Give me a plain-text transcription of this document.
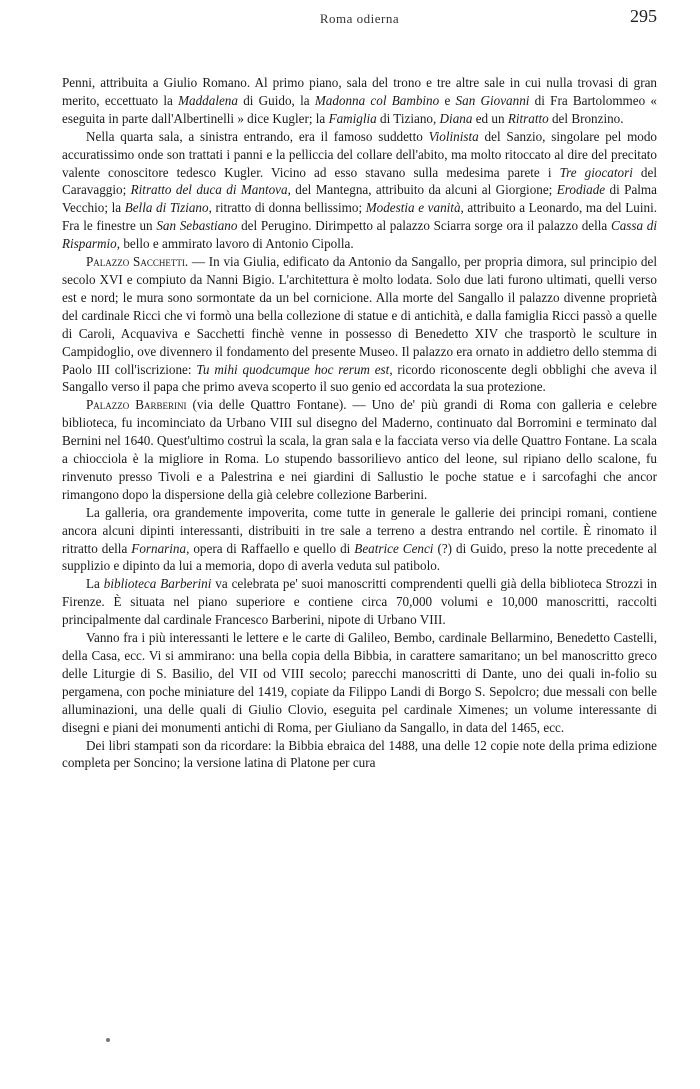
Roma odierna	295

Penni, attribuita a Giulio Romano. Al primo piano, sala del trono e tre altre sale in cui nulla trovasi di gran merito, eccettuato la Maddalena di Guido, la Madonna col Bambino e San Giovanni di Fra Bartolommeo « eseguita in parte dall'Albertinelli » dice Kugler; la Famiglia di Tiziano, Diana ed un Ritratto del Bronzino.

Nella quarta sala, a sinistra entrando, era il famoso suddetto Violinista del Sanzio, singolare pel modo accuratissimo onde son trattati i panni e la pelliccia del collare dell'abito, ma molto ritoccato al dire del precitato valente conoscitore tedesco Kugler. Vicino ad esso stavano sulla medesima parete i Tre giocatori del Caravaggio; Ritratto del duca di Mantova, del Mantegna, attribuito da alcuni al Giorgione; Erodiade di Palma Vecchio; la Bella di Tiziano, ritratto di donna bellissimo; Modestia e vanità, attribuito a Leonardo, ma del Luini. Fra le finestre un San Sebastiano del Perugino. Dirimpetto al palazzo Sciarra sorge ora il palazzo della Cassa di Risparmio, bello e ammirato lavoro di Antonio Cipolla.

Palazzo Sacchetti. — In via Giulia, edificato da Antonio da Sangallo, per propria dimora, sul principio del secolo XVI e compiuto da Nanni Bigio. L'architettura è molto lodata. Solo due lati furono ultimati, quelli verso est e nord; le mura sono sormontate da un bel cornicione. Alla morte del Sangallo il palazzo divenne proprietà del cardinale Ricci che vi formò una bella collezione di statue e di antichità, e dalla famiglia Ricci passò a quelle di Caroli, Acquaviva e Sacchetti finchè venne in possesso di Benedetto XIV che trasportò le sculture in Campidoglio, ove divennero il fondamento del presente Museo. Il palazzo era ornato in addietro dello stemma di Paolo III coll'iscrizione: Tu mihi quodcumque hoc rerum est, ricordo riconoscente degli obblighi che aveva il Sangallo verso il papa che primo aveva scoperto il suo genio ed accordata la sua protezione.

Palazzo Barberini (via delle Quattro Fontane). — Uno de' più grandi di Roma con galleria e celebre biblioteca, fu incominciato da Urbano VIII sul disegno del Maderno, continuato dal Borromini e terminato dal Bernini nel 1640. Quest'ultimo costruì la scala, la gran sala e la facciata verso via delle Quattro Fontane. La scala a chiocciola è la migliore in Roma. Lo stupendo bassorilievo antico del leone, sul ripiano dello scalone, fu rinvenuto presso Tivoli e a Palestrina e nei giardini di Sallustio le poche statue e i sarcofaghi che ancor rimangono dopo la dispersione della già celebre collezione Barberini.

La galleria, ora grandemente impoverita, come tutte in generale le gallerie dei principi romani, contiene ancora alcuni dipinti interessanti, distribuiti in tre sale a terreno a destra entrando nel cortile. È rinomato il ritratto della Fornarina, opera di Raffaello e quello di Beatrice Cenci (?) di Guido, preso la notte precedente al supplizio e dipinto da lui a memoria, dopo di averla veduta sul patibolo.

La biblioteca Barberini va celebrata pe' suoi manoscritti comprendenti quelli già della biblioteca Strozzi in Firenze. È situata nel piano superiore e contiene circa 70,000 volumi e 10,000 manoscritti, raccolti principalmente dal cardinale Francesco Barberini, nipote di Urbano VIII.

Vanno fra i più interessanti le lettere e le carte di Galileo, Bembo, cardinale Bellarmino, Benedetto Castelli, della Casa, ecc. Vi si ammirano: una bella copia della Bibbia, in carattere samaritano; un bel manoscritto greco delle Liturgie di S. Basilio, del VII od VIII secolo; parecchi manoscritti di Dante, uno dei quali in-folio su pergamena, con poche miniature del 1419, copiate da Filippo Landi di Borgo S. Sepolcro; due messali con belle alluminazioni, una delle quali di Giulio Clovio, eseguita pel cardinale Ximenes; un volume interessante di disegni e piani dei monumenti antichi di Roma, per Giuliano da Sangallo, in data del 1465, ecc.

Dei libri stampati son da ricordare: la Bibbia ebraica del 1488, una delle 12 copie note della prima edizione completa per Soncino; la versione latina di Platone per cura
